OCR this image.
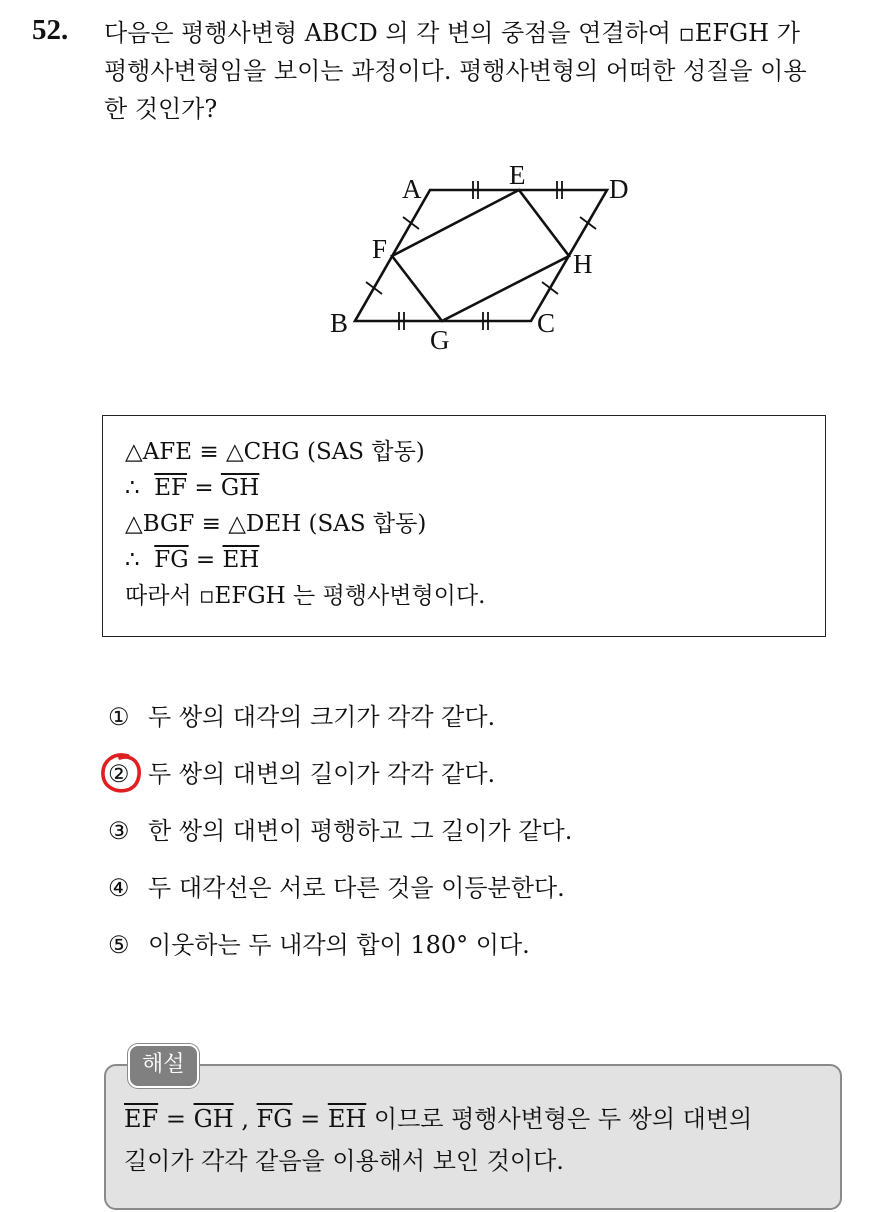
52. 다음은 평행사변형 ABCD 의 각 변의 중점을 연결하여 ▫EFGH 가
평행사변형임을 보이는 과정이다. 평행사변형의 어떠한 성질을 이용
한 것인가?
A	E	D
F	H
B
G
C
△AFE ≡ △CHG (SAS 합동)
∴ $\overline{EF} = \overline{GH}$
△BGF ≡ △DEH (SAS 합동)
∴ $\overline{FG} = \overline{EH}$
따라서 ▫EFGH 는 평행사변형이다.
① 두 쌍의 대각의 크기가 각각 같다.
② 두 쌍의 대변의 길이가 각각 같다.
③ 한 쌍의 대변이 평행하고 그 길이가 같다.
④ 두 대각선은 서로 다른 것을 이등분한다.
⑤ 이웃하는 두 내각의 합이 180° 이다.
해설
$\overline{EF} = \overline{GH}$ , $\overline{FG} = \overline{EH}$ 이므로 평행사변형은 두 쌍의 대변의
길이가 각각 같음을 이용해서 보인 것이다.
